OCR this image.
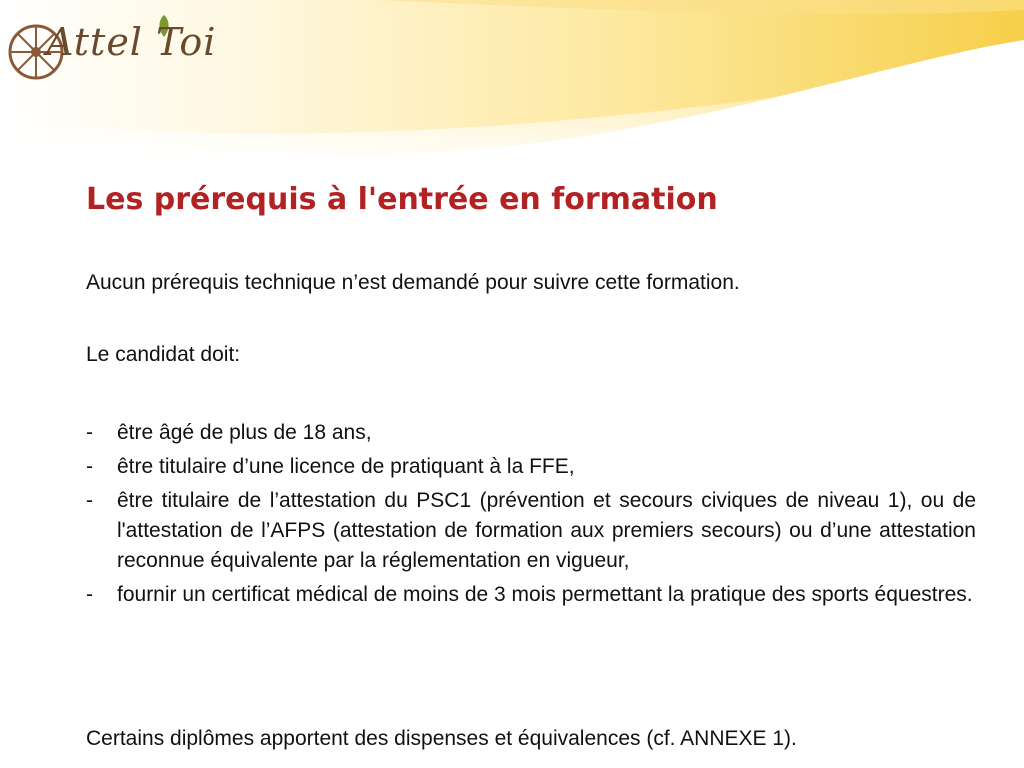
Attel Toi
Les prérequis à l'entrée en formation

Aucun prérequis technique n’est demandé pour suivre cette formation.

Le candidat doit:

- être âgé de plus de 18 ans,
- être titulaire d’une licence de pratiquant à la FFE,
- être titulaire de l’attestation du PSC1 (prévention et secours civiques de niveau 1), ou de l'attestation de l’AFPS (attestation de formation aux premiers secours) ou d’une attestation reconnue équivalente par la réglementation en vigueur,
- fournir un certificat médical de moins de 3 mois permettant la pratique des sports équestres.

Certains diplômes apportent des dispenses et équivalences (cf. ANNEXE 1).
